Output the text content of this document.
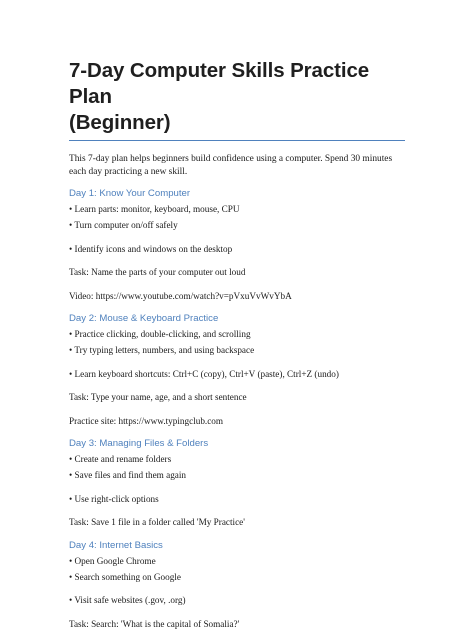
7-Day Computer Skills Practice Plan
(Beginner)

This 7-day plan helps beginners build confidence using a computer. Spend 30 minutes each day practicing a new skill.

Day 1: Know Your Computer
• Learn parts: monitor, keyboard, mouse, CPU
• Turn computer on/off safely
• Identify icons and windows on the desktop
Task: Name the parts of your computer out loud
Video: https://www.youtube.com/watch?v=pVxuVvWvYbA
Day 2: Mouse & Keyboard Practice
• Practice clicking, double-clicking, and scrolling
• Try typing letters, numbers, and using backspace
• Learn keyboard shortcuts: Ctrl+C (copy), Ctrl+V (paste), Ctrl+Z (undo)
Task: Type your name, age, and a short sentence
Practice site: https://www.typingclub.com
Day 3: Managing Files & Folders
• Create and rename folders
• Save files and find them again
• Use right-click options
Task: Save 1 file in a folder called 'My Practice'
Day 4: Internet Basics
• Open Google Chrome
• Search something on Google
• Visit safe websites (.gov, .org)
Task: Search: 'What is the capital of Somalia?'
